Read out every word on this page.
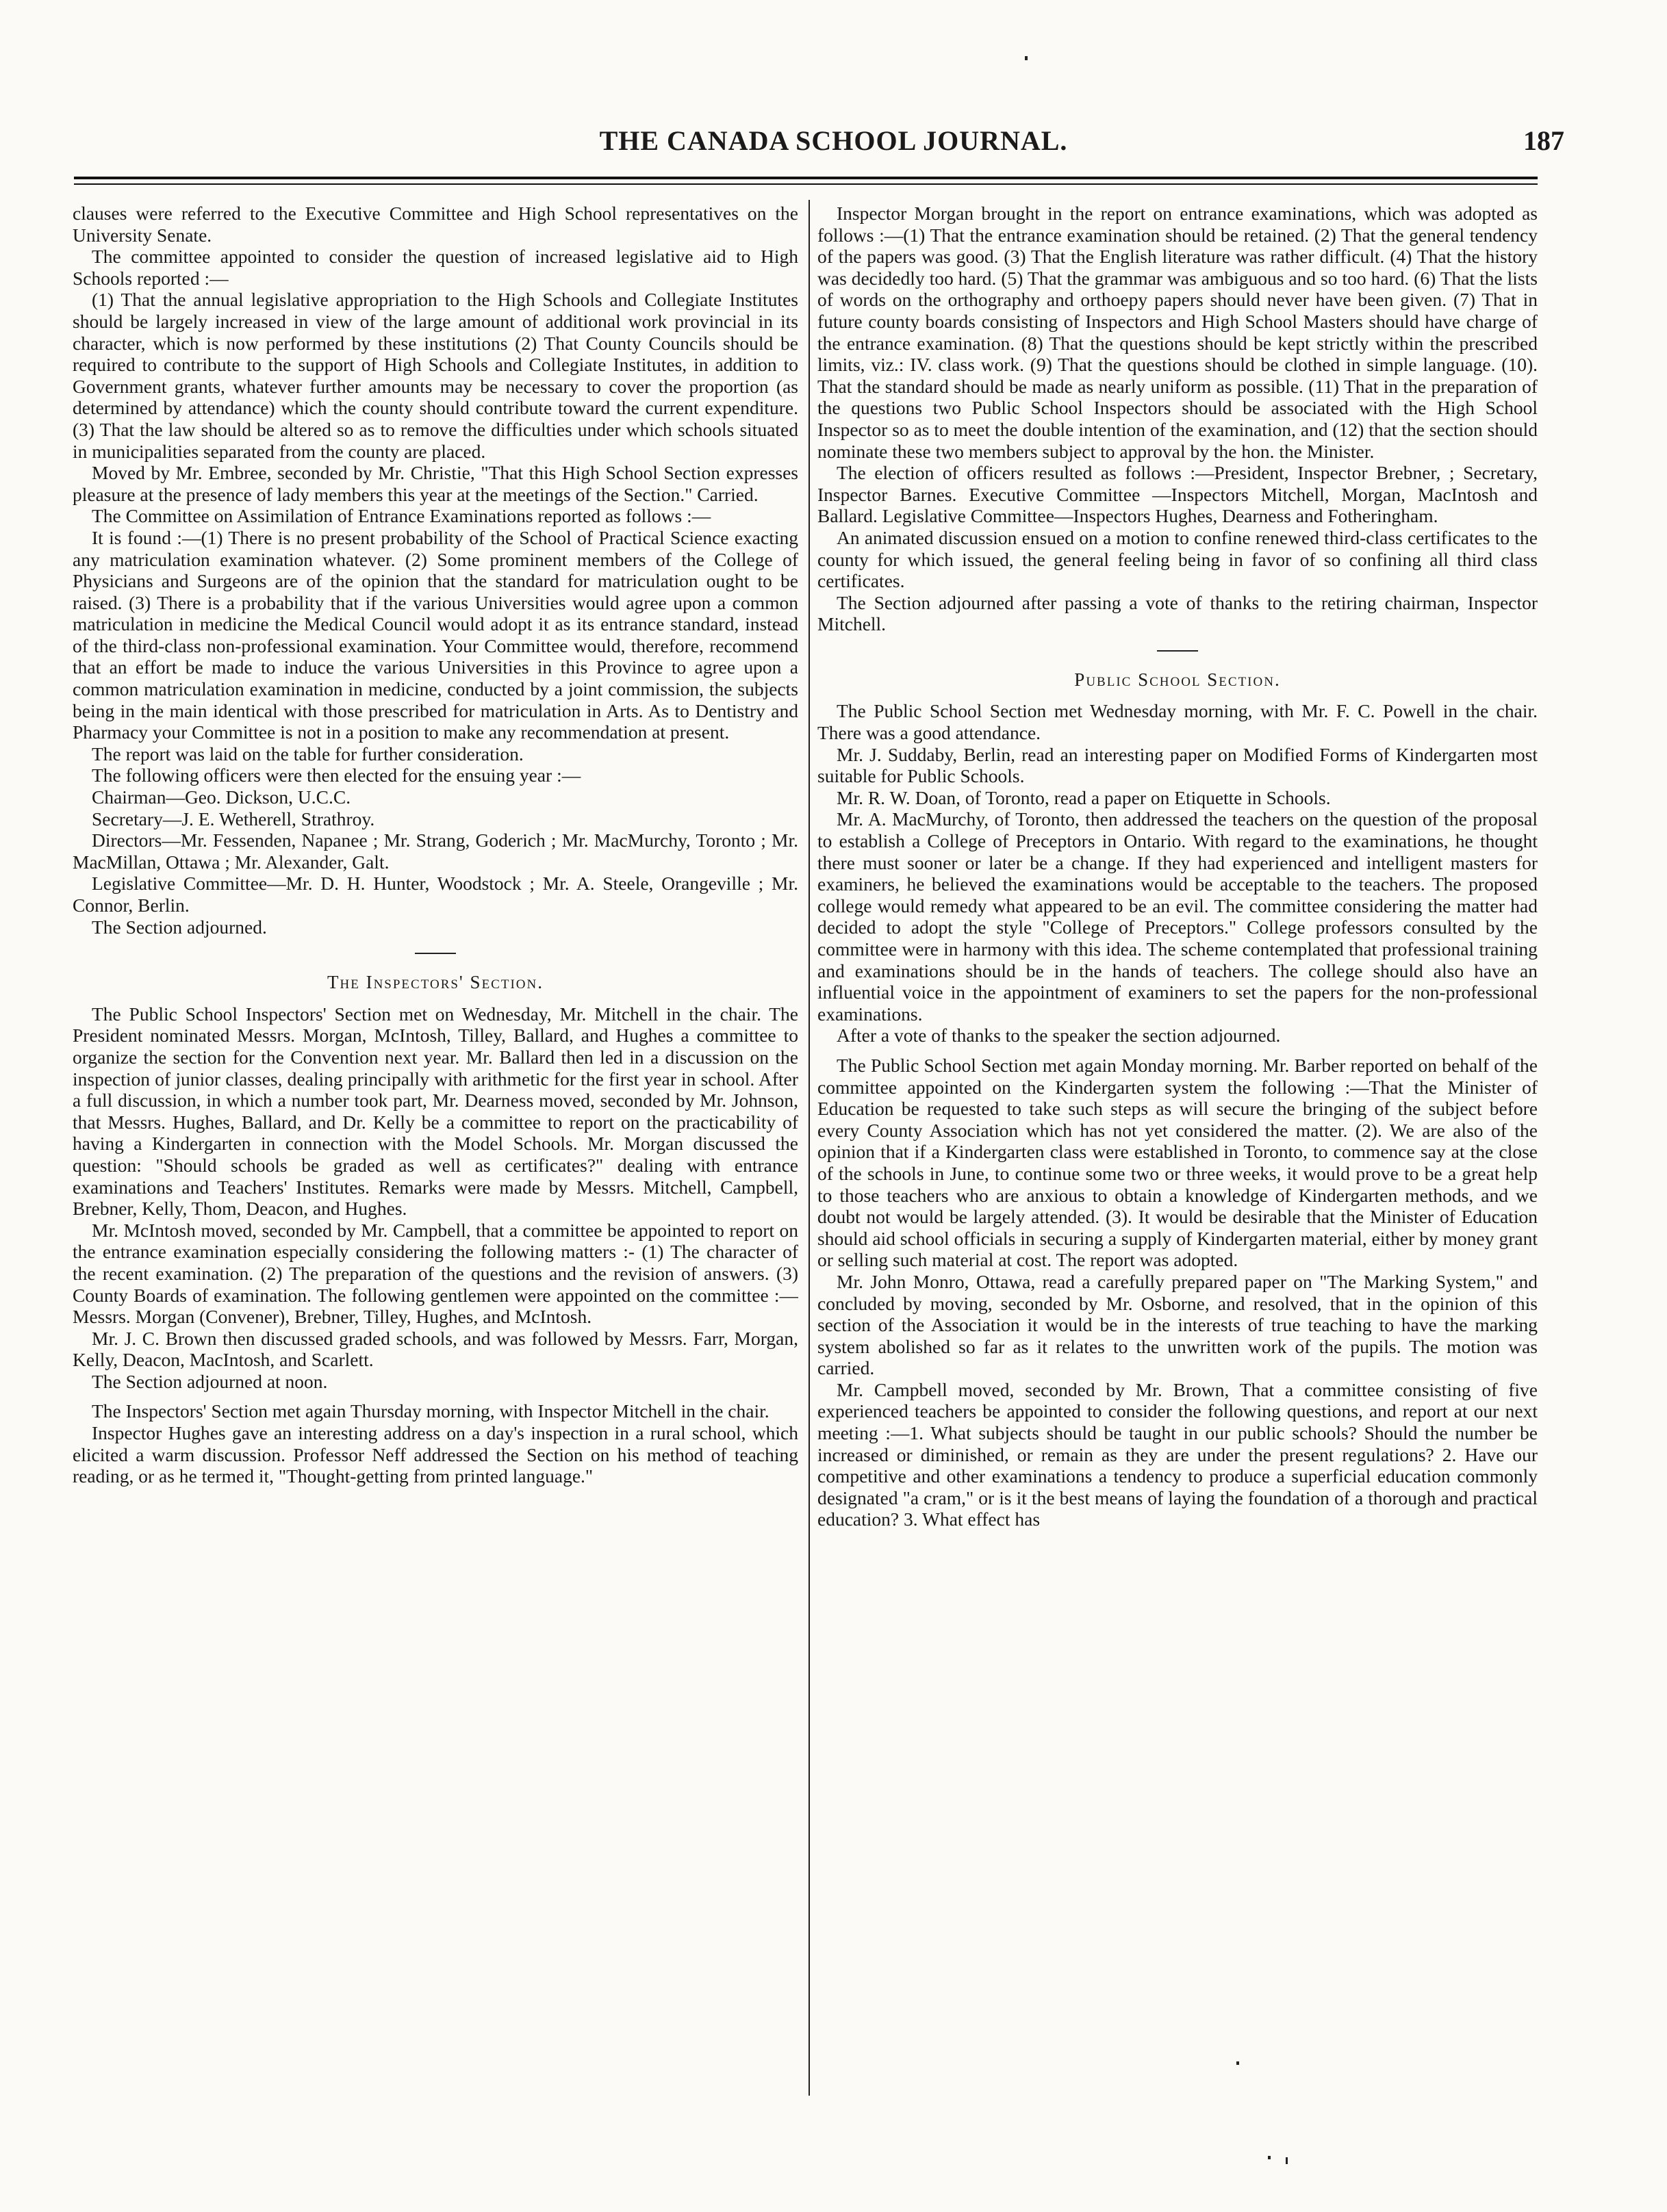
THE CANADA SCHOOL JOURNAL.	187

clauses were referred to the Executive Committee and High School representatives on the University Senate.

The committee appointed to consider the question of increased legislative aid to High Schools reported :—

(1) That the annual legislative appropriation to the High Schools and Collegiate Institutes should be largely increased in view of the large amount of additional work provincial in its character, which is now performed by these institutions (2) That County Councils should be required to contribute to the support of High Schools and Collegiate Institutes, in addition to Government grants, whatever further amounts may be necessary to cover the proportion (as determined by attendance) which the county should contribute toward the current expenditure. (3) That the law should be altered so as to remove the difficulties under which schools situated in municipalities separated from the county are placed.

Moved by Mr. Embree, seconded by Mr. Christie, "That this High School Section expresses pleasure at the presence of lady members this year at the meetings of the Section." Carried.

The Committee on Assimilation of Entrance Examinations reported as follows :—

It is found :—(1) There is no present probability of the School of Practical Science exacting any matriculation examination whatever. (2) Some prominent members of the College of Physicians and Surgeons are of the opinion that the standard for matriculation ought to be raised. (3) There is a probability that if the various Universities would agree upon a common matriculation in medicine the Medical Council would adopt it as its entrance standard, instead of the third-class non-professional examination. Your Committee would, therefore, recommend that an effort be made to induce the various Universities in this Province to agree upon a common matriculation examination in medicine, conducted by a joint commission, the subjects being in the main identical with those prescribed for matriculation in Arts. As to Dentistry and Pharmacy your Committee is not in a position to make any recommendation at present.

The report was laid on the table for further consideration.

The following officers were then elected for the ensuing year :—

Chairman—Geo. Dickson, U.C.C.

Secretary—J. E. Wetherell, Strathroy.

Directors—Mr. Fessenden, Napanee ; Mr. Strang, Goderich ; Mr. MacMurchy, Toronto ; Mr. MacMillan, Ottawa ; Mr. Alexander, Galt.

Legislative Committee—Mr. D. H. Hunter, Woodstock ; Mr. A. Steele, Orangeville ; Mr. Connor, Berlin.

The Section adjourned.

The Inspectors' Section.

The Public School Inspectors' Section met on Wednesday, Mr. Mitchell in the chair. The President nominated Messrs. Morgan, McIntosh, Tilley, Ballard, and Hughes a committee to organize the section for the Convention next year. Mr. Ballard then led in a discussion on the inspection of junior classes, dealing principally with arithmetic for the first year in school. After a full discussion, in which a number took part, Mr. Dearness moved, seconded by Mr. Johnson, that Messrs. Hughes, Ballard, and Dr. Kelly be a committee to report on the practicability of having a Kindergarten in connection with the Model Schools. Mr. Morgan discussed the question: "Should schools be graded as well as certificates?" dealing with entrance examinations and Teachers' Institutes. Remarks were made by Messrs. Mitchell, Campbell, Brebner, Kelly, Thom, Deacon, and Hughes.

Mr. McIntosh moved, seconded by Mr. Campbell, that a committee be appointed to report on the entrance examination especially considering the following matters :- (1) The character of the recent examination. (2) The preparation of the questions and the revision of answers. (3) County Boards of examination. The following gentlemen were appointed on the committee :— Messrs. Morgan (Convener), Brebner, Tilley, Hughes, and McIntosh.

Mr. J. C. Brown then discussed graded schools, and was followed by Messrs. Farr, Morgan, Kelly, Deacon, MacIntosh, and Scarlett.

The Section adjourned at noon.

The Inspectors' Section met again Thursday morning, with Inspector Mitchell in the chair.

Inspector Hughes gave an interesting address on a day's inspection in a rural school, which elicited a warm discussion. Professor Neff addressed the Section on his method of teaching reading, or as he termed it, "Thought-getting from printed language."

Inspector Morgan brought in the report on entrance examinations, which was adopted as follows :—(1) That the entrance examination should be retained. (2) That the general tendency of the papers was good. (3) That the English literature was rather difficult. (4) That the history was decidedly too hard. (5) That the grammar was ambiguous and so too hard. (6) That the lists of words on the orthography and orthoepy papers should never have been given. (7) That in future county boards consisting of Inspectors and High School Masters should have charge of the entrance examination. (8) That the questions should be kept strictly within the prescribed limits, viz.: IV. class work. (9) That the questions should be clothed in simple language. (10). That the standard should be made as nearly uniform as possible. (11) That in the preparation of the questions two Public School Inspectors should be associated with the High School Inspector so as to meet the double intention of the examination, and (12) that the section should nominate these two members subject to approval by the hon. the Minister.

The election of officers resulted as follows :—President, Inspector Brebner, ; Secretary, Inspector Barnes. Executive Committee —Inspectors Mitchell, Morgan, MacIntosh and Ballard. Legislative Committee—Inspectors Hughes, Dearness and Fotheringham.

An animated discussion ensued on a motion to confine renewed third-class certificates to the county for which issued, the general feeling being in favor of so confining all third class certificates.

The Section adjourned after passing a vote of thanks to the retiring chairman, Inspector Mitchell.

Public School Section.

The Public School Section met Wednesday morning, with Mr. F. C. Powell in the chair. There was a good attendance.

Mr. J. Suddaby, Berlin, read an interesting paper on Modified Forms of Kindergarten most suitable for Public Schools.

Mr. R. W. Doan, of Toronto, read a paper on Etiquette in Schools.

Mr. A. MacMurchy, of Toronto, then addressed the teachers on the question of the proposal to establish a College of Preceptors in Ontario. With regard to the examinations, he thought there must sooner or later be a change. If they had experienced and intelligent masters for examiners, he believed the examinations would be acceptable to the teachers. The proposed college would remedy what appeared to be an evil. The committee considering the matter had decided to adopt the style "College of Preceptors." College professors consulted by the committee were in harmony with this idea. The scheme contemplated that professional training and examinations should be in the hands of teachers. The college should also have an influential voice in the appointment of examiners to set the papers for the non-professional examinations.

After a vote of thanks to the speaker the section adjourned.

The Public School Section met again Monday morning. Mr. Barber reported on behalf of the committee appointed on the Kindergarten system the following :—That the Minister of Education be requested to take such steps as will secure the bringing of the subject before every County Association which has not yet considered the matter. (2). We are also of the opinion that if a Kindergarten class were established in Toronto, to commence say at the close of the schools in June, to continue some two or three weeks, it would prove to be a great help to those teachers who are anxious to obtain a knowledge of Kindergarten methods, and we doubt not would be largely attended. (3). It would be desirable that the Minister of Education should aid school officials in securing a supply of Kindergarten material, either by money grant or selling such material at cost. The report was adopted.

Mr. John Monro, Ottawa, read a carefully prepared paper on "The Marking System," and concluded by moving, seconded by Mr. Osborne, and resolved, that in the opinion of this section of the Association it would be in the interests of true teaching to have the marking system abolished so far as it relates to the unwritten work of the pupils. The motion was carried.

Mr. Campbell moved, seconded by Mr. Brown, That a committee consisting of five experienced teachers be appointed to consider the following questions, and report at our next meeting :—1. What subjects should be taught in our public schools? Should the number be increased or diminished, or remain as they are under the present regulations? 2. Have our competitive and other examinations a tendency to produce a superficial education commonly designated "a cram," or is it the best means of laying the foundation of a thorough and practical education? 3. What effect has
